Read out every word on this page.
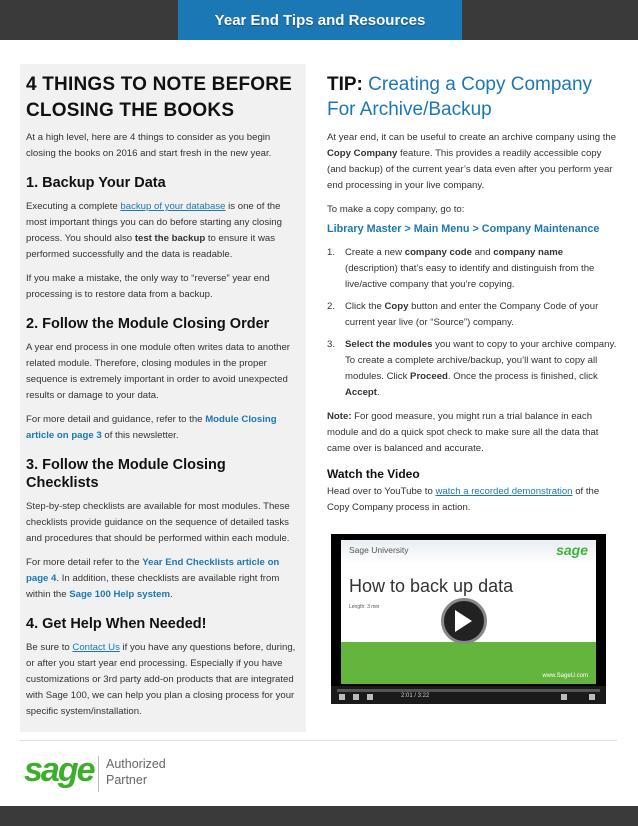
Year End Tips and Resources
4 THINGS TO NOTE BEFORE CLOSING THE BOOKS

At a high level, here are 4 things to consider as you begin closing the books on 2016 and start fresh in the new year.

1. Backup Your Data

Executing a complete backup of your database is one of the most important things you can do before starting any closing process. You should also test the backup to ensure it was performed successfully and the data is readable.

If you make a mistake, the only way to “reverse” year end processing is to restore data from a backup.

2. Follow the Module Closing Order

A year end process in one module often writes data to another related module. Therefore, closing modules in the proper sequence is extremely important in order to avoid unexpected results or damage to your data.

For more detail and guidance, refer to the Module Closing article on page 3 of this newsletter.

3. Follow the Module Closing Checklists

Step-by-step checklists are available for most modules. These checklists provide guidance on the sequence of detailed tasks and procedures that should be performed within each module.

For more detail refer to the Year End Checklists article on page 4. In addition, these checklists are available right from within the Sage 100 Help system.

4. Get Help When Needed!

Be sure to Contact Us if you have any questions before, during, or after you start year end processing. Especially if you have customizations or 3rd party add-on products that are integrated with Sage 100, we can help you plan a closing process for your specific system/installation.

TIP: Creating a Copy Company For Archive/Backup

At year end, it can be useful to create an archive company using the Copy Company feature. This provides a readily accessible copy (and backup) of the current year’s data even after you perform year end processing in your live company.

To make a copy company, go to:

Library Master > Main Menu > Company Maintenance
1. Create a new company code and company name (description) that’s easy to identify and distinguish from the live/active company that you’re copying.
2. Click the Copy button and enter the Company Code of your current year live (or “Source”) company.
3. Select the modules you want to copy to your archive company. To create a complete archive/backup, you’ll want to copy all modules. Click Proceed. Once the process is finished, click Accept.

Note: For good measure, you might run a trial balance in each module and do a quick spot check to make sure all the data that came over is balanced and accurate.

Watch the Video

Head over to YouTube to watch a recorded demonstration of the Copy Company process in action.

Sage University	sage
How to back up data
Length: 3 min
www.SageU.com
2:01 / 3:22
sage Authorized
Partner
